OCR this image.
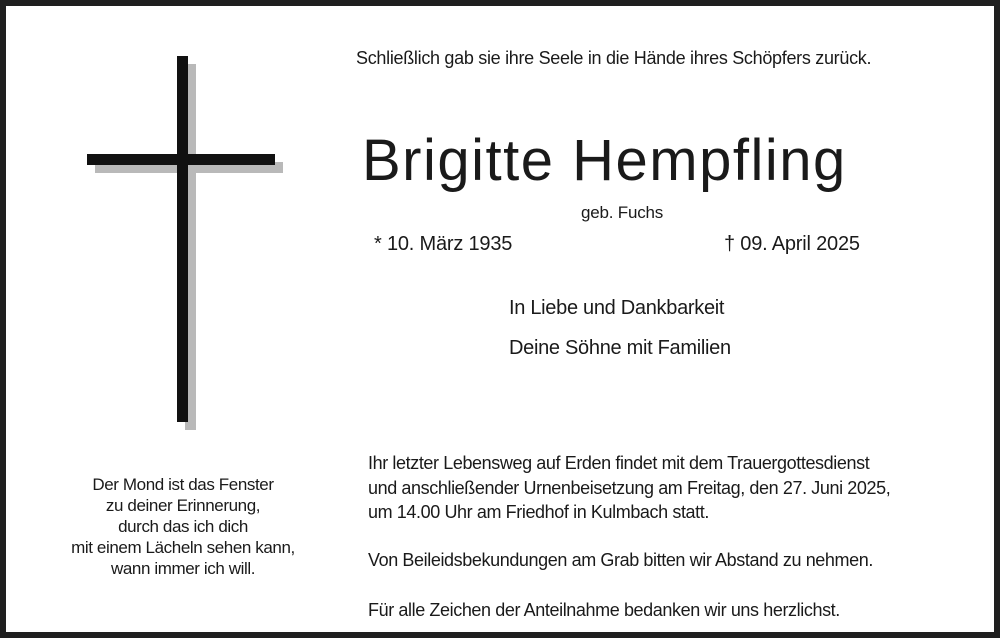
Schließlich gab sie ihre Seele in die Hände ihres Schöpfers zurück.
Brigitte Hempfling
geb. Fuchs
* 10. März 1935	† 09. April 2025
In Liebe und Dankbarkeit
Deine Söhne mit Familien
Der Mond ist das Fenster
zu deiner Erinnerung,
durch das ich dich
mit einem Lächeln sehen kann,
wann immer ich will.
Ihr letzter Lebensweg auf Erden findet mit dem Trauergottesdienst
und anschließender Urnenbeisetzung am Freitag, den 27. Juni 2025,
um 14.00 Uhr am Friedhof in Kulmbach statt.
Von Beileidsbekundungen am Grab bitten wir Abstand zu nehmen.
Für alle Zeichen der Anteilnahme bedanken wir uns herzlichst.
